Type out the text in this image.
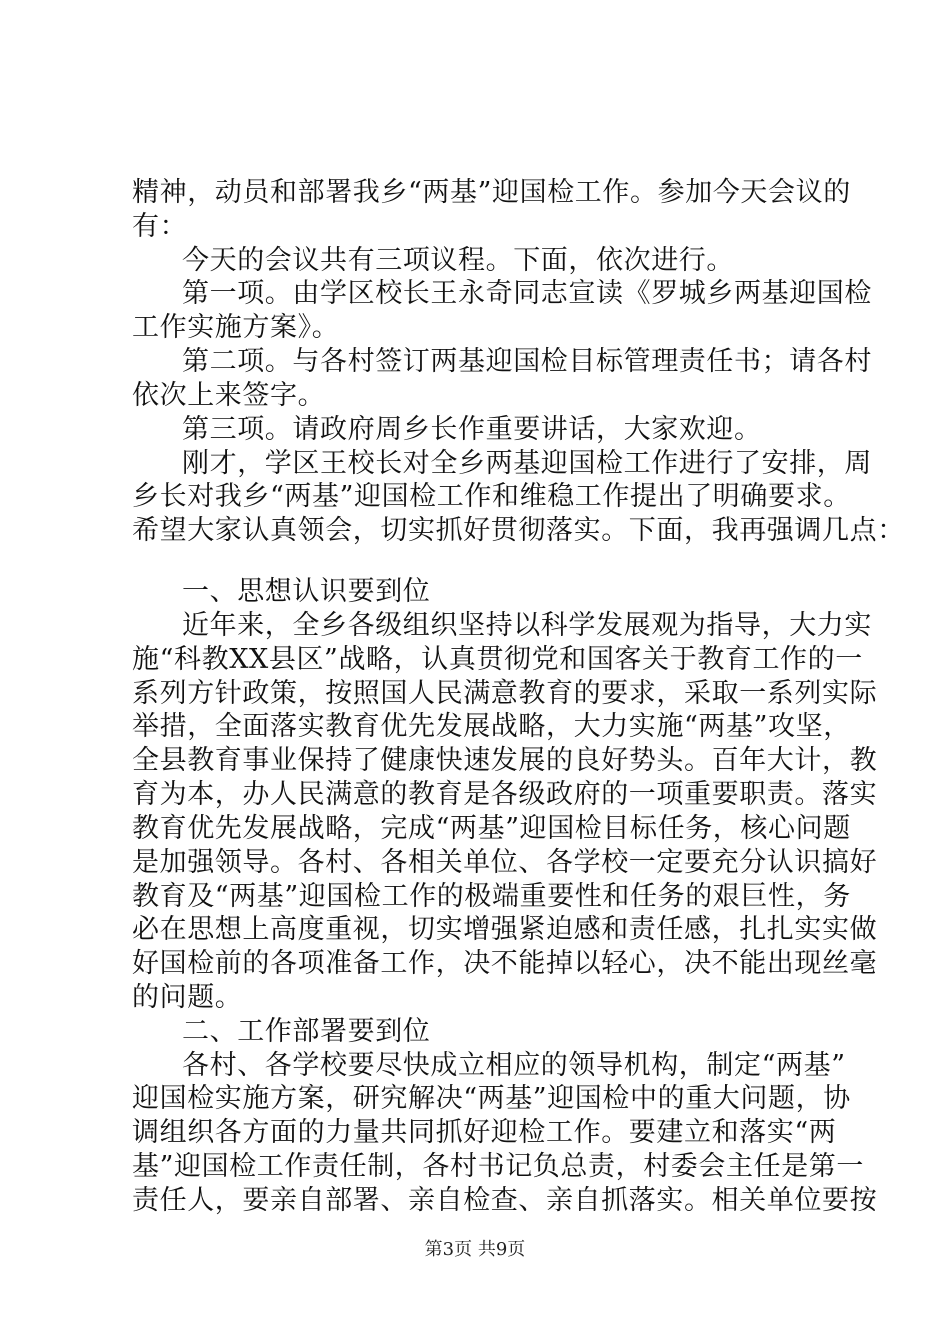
精神，动员和部署我乡“两基”迎国检工作。参加今天会议的
有：
今天的会议共有三项议程。下面，依次进行。
第一项。由学区校长王永奇同志宣读《罗城乡两基迎国检
工作实施方案》。
第二项。与各村签订两基迎国检目标管理责任书；请各村
依次上来签字。
第三项。请政府周乡长作重要讲话，大家欢迎。
刚才，学区王校长对全乡两基迎国检工作进行了安排，周
乡长对我乡“两基”迎国检工作和维稳工作提出了明确要求。
希望大家认真领会，切实抓好贯彻落实。下面，我再强调几点：
一、思想认识要到位
近年来，全乡各级组织坚持以科学发展观为指导，大力实
施“科教XX县区”战略，认真贯彻党和国客关于教育工作的一
系列方针政策，按照国人民满意教育的要求，采取一系列实际
举措，全面落实教育优先发展战略，大力实施“两基”攻坚，
全县教育事业保持了健康快速发展的良好势头。百年大计，教
育为本，办人民满意的教育是各级政府的一项重要职责。落实
教育优先发展战略，完成“两基”迎国检目标任务，核心问题
是加强领导。各村、各相关单位、各学校一定要充分认识搞好
教育及“两基”迎国检工作的极端重要性和任务的艰巨性，务
必在思想上高度重视，切实增强紧迫感和责任感，扎扎实实做
好国检前的各项准备工作，决不能掉以轻心，决不能出现丝毫
的问题。
二、工作部署要到位
各村、各学校要尽快成立相应的领导机构，制定“两基”
迎国检实施方案，研究解决“两基”迎国检中的重大问题，协
调组织各方面的力量共同抓好迎检工作。要建立和落实“两
基”迎国检工作责任制，各村书记负总责，村委会主任是第一
责任人，要亲自部署、亲自检查、亲自抓落实。相关单位要按
第3页 共9页
